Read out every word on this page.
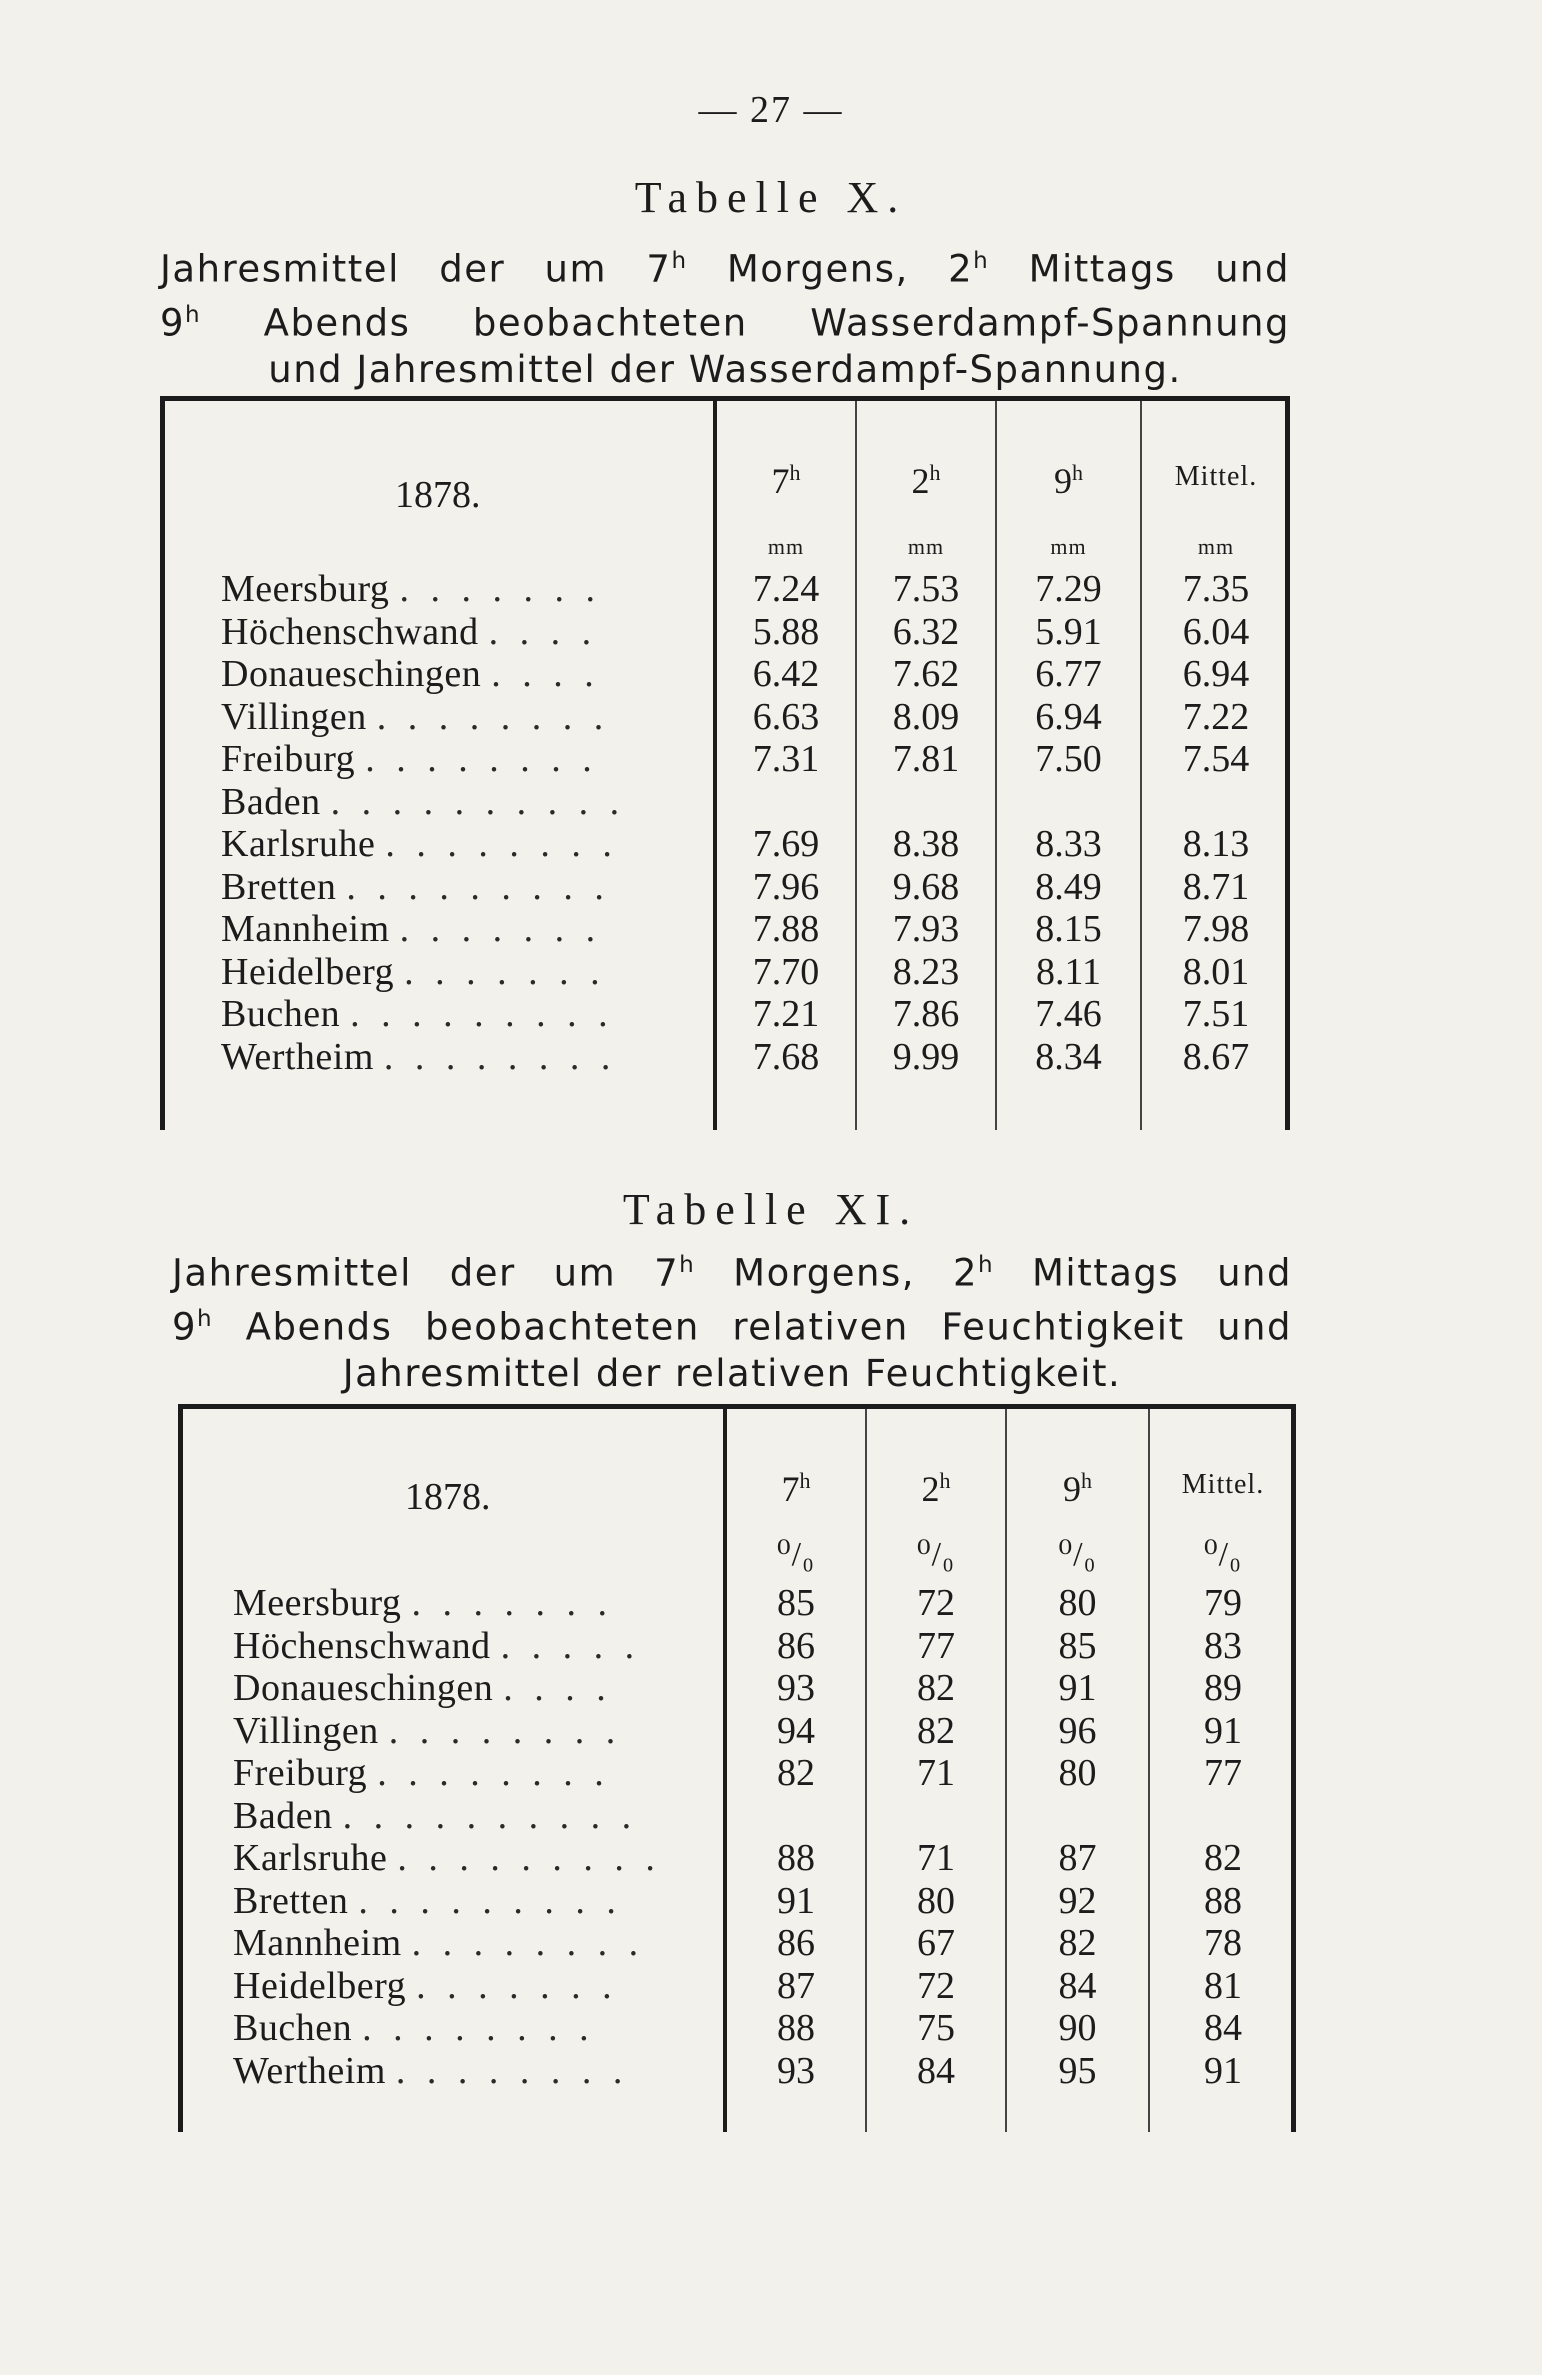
— 27 —
Tabelle X.
Jahresmittel der um 7$^h$ Morgens, 2$^h$ Mittags und
9$^h$ Abends beobachteten Wasserdampf-Spannung
und Jahresmittel der Wasserdampf-Spannung.
1878.	7$^h$	2$^h$	9$^h$	Mittel.
mm	mm	mm	mm
Meersburg . . . . . . .	7.24	7.53	7.29	7.35
Höchenschwand . . . .	5.88	6.32	5.91	6.04
Donaueschingen . . . .	6.42	7.62	6.77	6.94
Villingen . . . . . . . .	6.63	8.09	6.94	7.22
Freiburg . . . . . . . .	7.31	7.81	7.50	7.54
Baden . . . . . . . . . .
Karlsruhe . . . . . . . .	7.69	8.38	8.33	8.13
Bretten . . . . . . . . .	7.96	9.68	8.49	8.71
Mannheim . . . . . . .	7.88	7.93	8.15	7.98
Heidelberg . . . . . . .	7.70	8.23	8.11	8.01
Buchen . . . . . . . . .	7.21	7.86	7.46	7.51
Wertheim . . . . . . . .	7.68	9.99	8.34	8.67
Tabelle XI.
Jahresmittel der um 7$^h$ Morgens, 2$^h$ Mittags und
9$^h$ Abends beobachteten relativen Feuchtigkeit und
Jahresmittel der relativen Feuchtigkeit.
1878.	7$^h$	2$^h$	9$^h$	Mittel.
⁰/₀	⁰/₀	⁰/₀	⁰/₀
Meersburg . . . . . . .	85	72	80	79
Höchenschwand . . . . .	86	77	85	83
Donaueschingen . . . .	93	82	91	89
Villingen . . . . . . . .	94	82	96	91
Freiburg . . . . . . . .	82	71	80	77
Baden . . . . . . . . . .
Karlsruhe . . . . . . . . .	88	71	87	82
Bretten . . . . . . . . .	91	80	92	88
Mannheim . . . . . . . .	86	67	82	78
Heidelberg . . . . . . .	87	72	84	81
Buchen . . . . . . . .	88	75	90	84
Wertheim . . . . . . . .	93	84	95	91
